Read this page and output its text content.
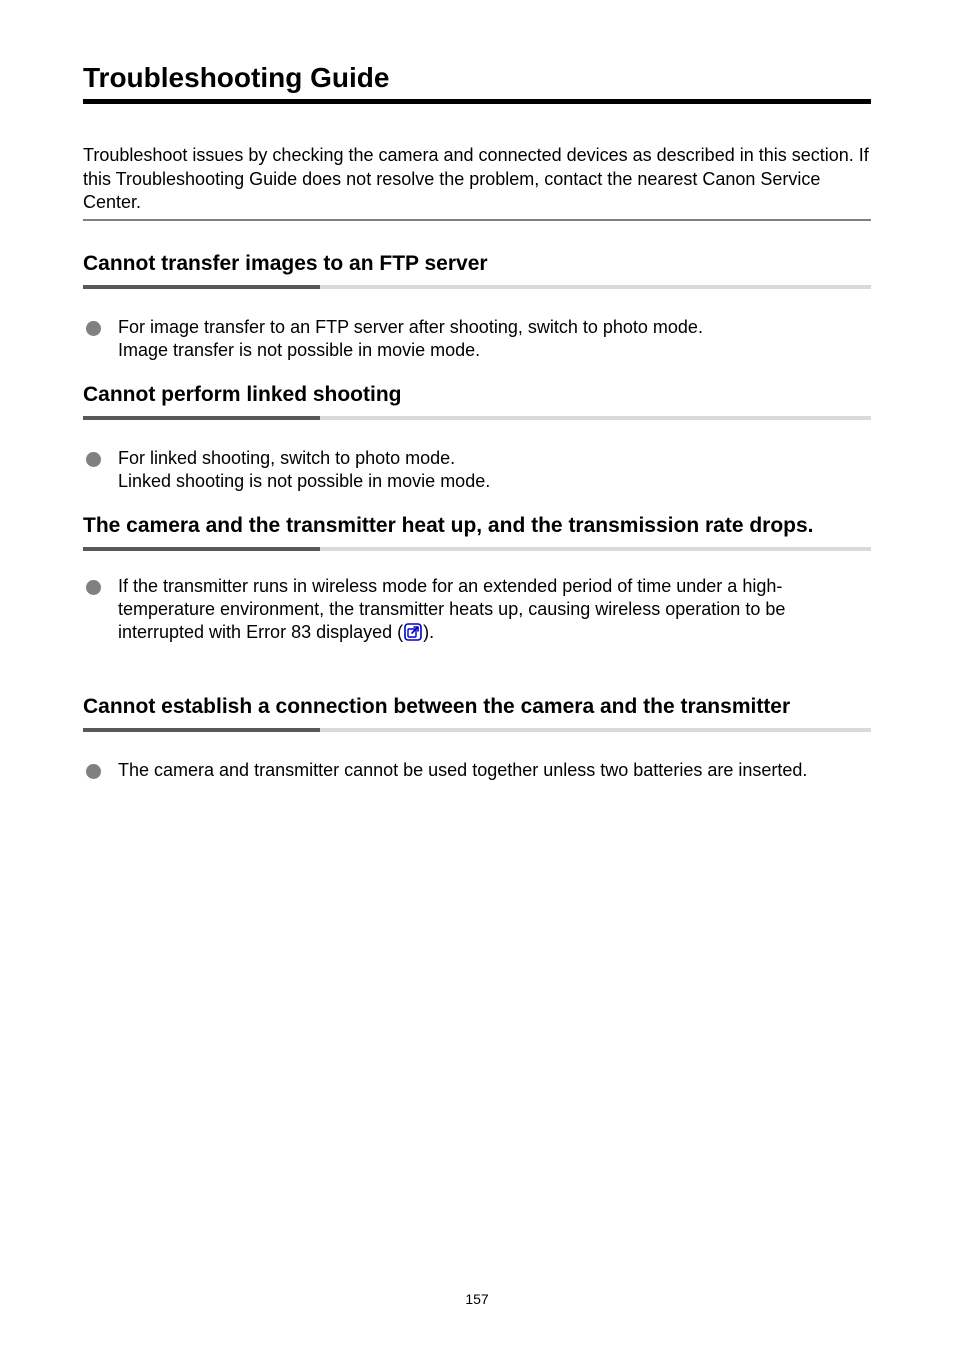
Troubleshooting Guide

Troubleshoot issues by checking the camera and connected devices as described in this section. If this Troubleshooting Guide does not resolve the problem, contact the nearest Canon Service Center.

Cannot transfer images to an FTP server
For image transfer to an FTP server after shooting, switch to photo mode.
Image transfer is not possible in movie mode.
Cannot perform linked shooting
For linked shooting, switch to photo mode.
Linked shooting is not possible in movie mode.
The camera and the transmitter heat up, and the transmission rate drops.
If the transmitter runs in wireless mode for an extended period of time under a high-temperature environment, the transmitter heats up, causing wireless operation to be interrupted with Error 83 displayed ( ).
Cannot establish a connection between the camera and the transmitter
The camera and transmitter cannot be used together unless two batteries are inserted.
157
